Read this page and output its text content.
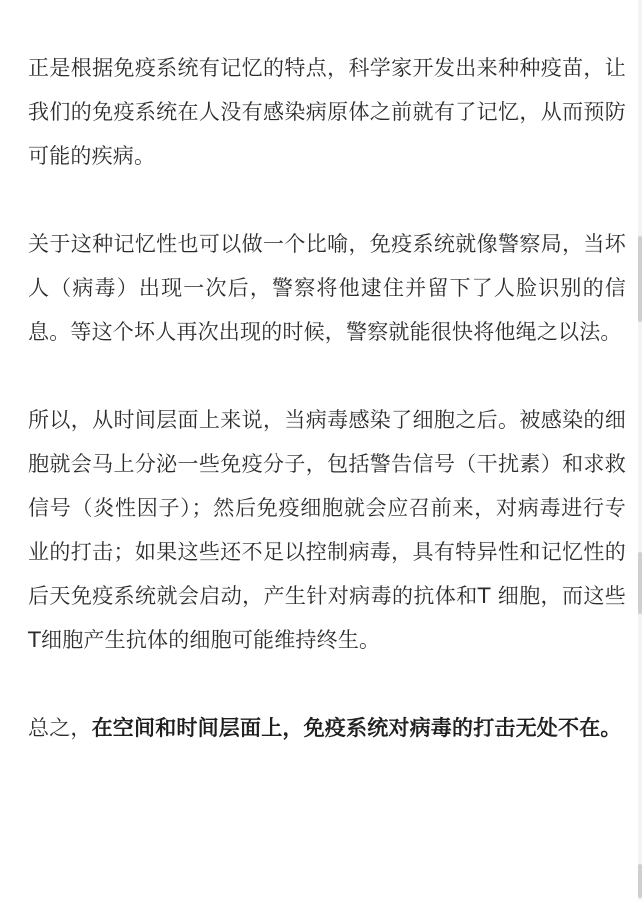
正是根据免疫系统有记忆的特点，科学家开发出来种种疫苗，让我们的免疫系统在人没有感染病原体之前就有了记忆，从而预防可能的疾病。

关于这种记忆性也可以做一个比喻，免疫系统就像警察局，当坏人（病毒）出现一次后，警察将他逮住并留下了人脸识别的信息。等这个坏人再次出现的时候，警察就能很快将他绳之以法。

所以，从时间层面上来说，当病毒感染了细胞之后。被感染的细胞就会马上分泌一些免疫分子，包括警告信号（干扰素）和求救信号（炎性因子）；然后免疫细胞就会应召前来，对病毒进行专业的打击；如果这些还不足以控制病毒，具有特异性和记忆性的后天免疫系统就会启动，产生针对病毒的抗体和T 细胞，而这些T细胞产生抗体的细胞可能维持终生。

总之，在空间和时间层面上，免疫系统对病毒的打击无处不在。
